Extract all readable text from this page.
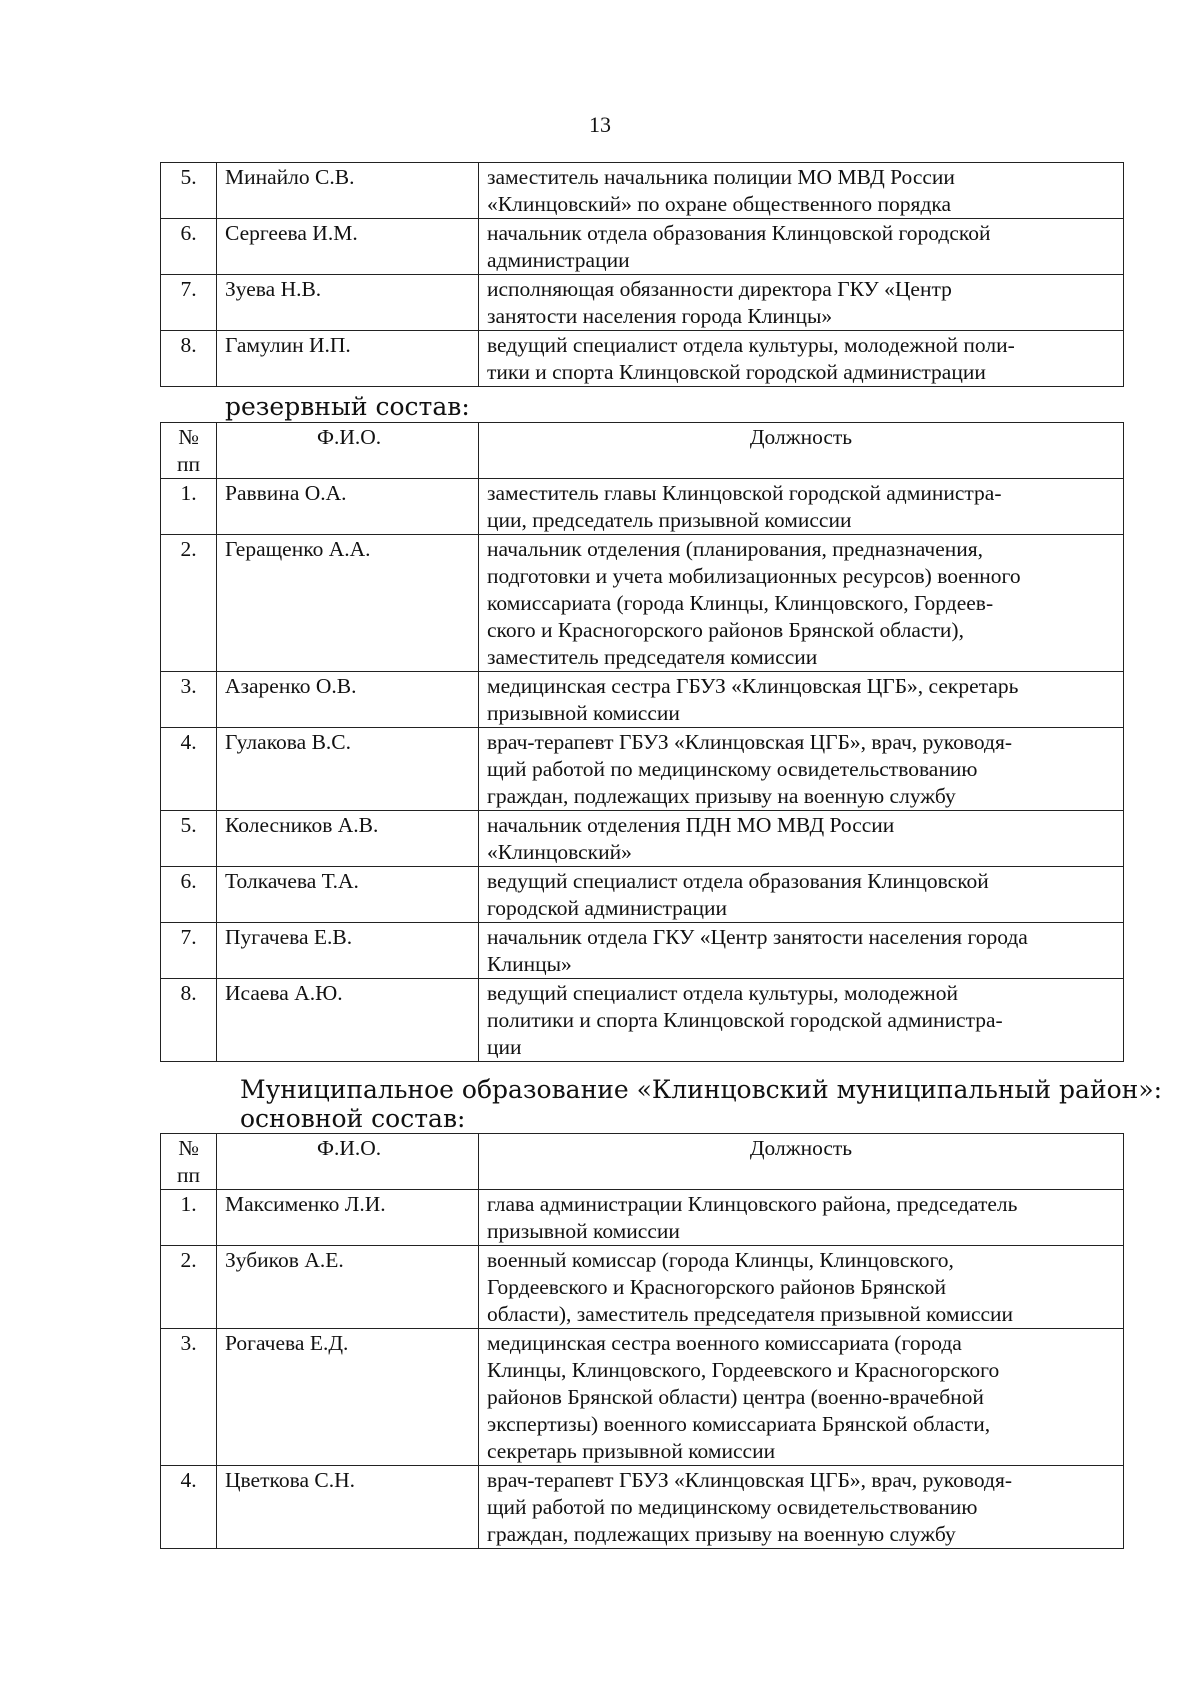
13
5.	Минайло С.В.	заместитель начальника полиции МО МВД России
«Клинцовский» по охране общественного порядка
6.	Сергеева И.М.	начальник отдела образования Клинцовской городской
администрации
7.	Зуева Н.В.	исполняющая обязанности директора ГКУ «Центр
занятости населения города Клинцы»
8.	Гамулин И.П.	ведущий специалист отдела культуры, молодежной поли-
тики и спорта Клинцовской городской администрации
резервный состав:
№
пп	Ф.И.О.	Должность
1.	Раввина О.А.	заместитель главы Клинцовской городской администра-
ции, председатель призывной комиссии
2.	Геращенко А.А.	начальник отделения (планирования, предназначения,
подготовки и учета мобилизационных ресурсов) военного
комиссариата (города Клинцы, Клинцовского, Гордеев-
ского и Красногорского районов Брянской области),
заместитель председателя комиссии
3.	Азаренко О.В.	медицинская сестра ГБУЗ «Клинцовская ЦГБ», секретарь
призывной комиссии
4.	Гулакова В.С.	врач-терапевт ГБУЗ «Клинцовская ЦГБ», врач, руководя-
щий работой по медицинскому освидетельствованию
граждан, подлежащих призыву на военную службу
5.	Колесников А.В.	начальник отделения ПДН МО МВД России
«Клинцовский»
6.	Толкачева Т.А.	ведущий специалист отдела образования Клинцовской
городской администрации
7.	Пугачева Е.В.	начальник отдела ГКУ «Центр занятости населения города
Клинцы»
8.	Исаева А.Ю.	ведущий специалист отдела культуры, молодежной
политики и спорта Клинцовской городской администра-
ции
Муниципальное образование «Клинцовский муниципальный район»:
основной состав:
№
пп	Ф.И.О.	Должность
1.	Максименко Л.И.	глава администрации Клинцовского района, председатель
призывной комиссии
2.	Зубиков А.Е.	военный комиссар (города Клинцы, Клинцовского,
Гордеевского и Красногорского районов Брянской
области), заместитель председателя призывной комиссии
3.	Рогачева Е.Д.	медицинская сестра военного комиссариата (города
Клинцы, Клинцовского, Гордеевского и Красногорского
районов Брянской области) центра (военно-врачебной
экспертизы) военного комиссариата Брянской области,
секретарь призывной комиссии
4.	Цветкова С.Н.	врач-терапевт ГБУЗ «Клинцовская ЦГБ», врач, руководя-
щий работой по медицинскому освидетельствованию
граждан, подлежащих призыву на военную службу
